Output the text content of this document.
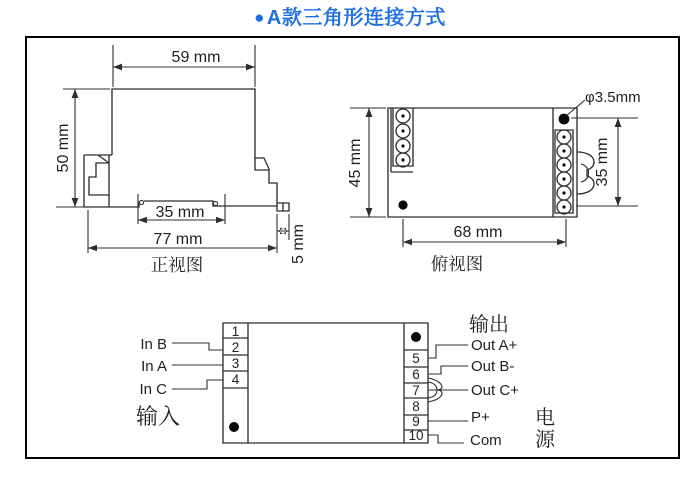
● A款三角形连接方式
59 mm
50 mm
35 mm
77 mm	5 mm
正视图
φ3.5mm
45 mm	35 mm
68 mm
俯视图
1
2
3
4
5
6
7
8
9
10
In B
In A
In C
输入
输出
Out A+
Out B-
Out C+
P+
Com
电
源
